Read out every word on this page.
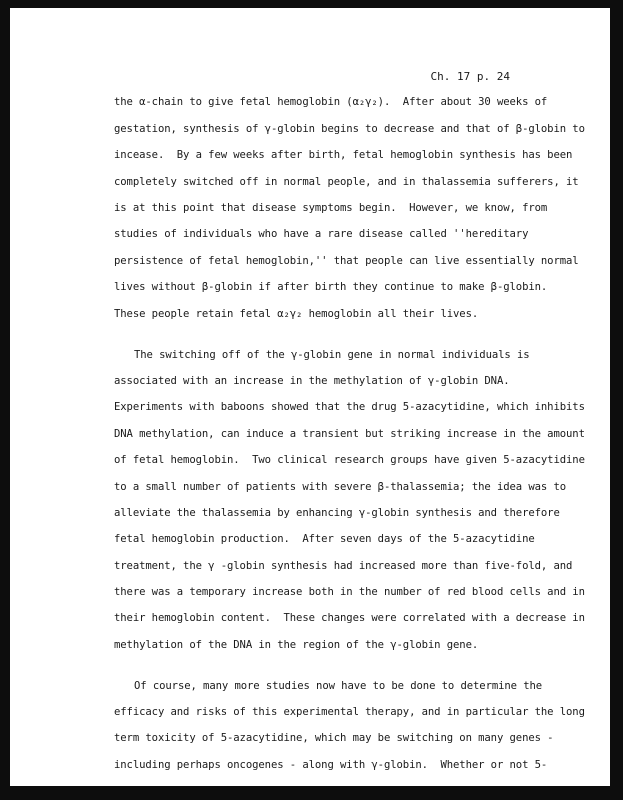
Ch. 17 p. 24
the α-chain to give fetal hemoglobin (α₂γ₂).  After about 30 weeks of
gestation, synthesis of γ-globin begins to decrease and that of β-globin to
incease.  By a few weeks after birth, fetal hemoglobin synthesis has been
completely switched off in normal people, and in thalassemia sufferers, it
is at this point that disease symptoms begin.  However, we know, from
studies of individuals who have a rare disease called ''hereditary
persistence of fetal hemoglobin,'' that people can live essentially normal
lives without β-globin if after birth they continue to make β-globin.
These people retain fetal α₂γ₂ hemoglobin all their lives.
The switching off of the γ-globin gene in normal individuals is
associated with an increase in the methylation of γ-globin DNA.
Experiments with baboons showed that the drug 5-azacytidine, which inhibits
DNA methylation, can induce a transient but striking increase in the amount
of fetal hemoglobin.  Two clinical research groups have given 5-azacytidine
to a small number of patients with severe β-thalassemia; the idea was to
alleviate the thalassemia by enhancing γ-globin synthesis and therefore
fetal hemoglobin production.  After seven days of the 5-azacytidine
treatment, the γ -globin synthesis had increased more than five-fold, and
there was a temporary increase both in the number of red blood cells and in
their hemoglobin content.  These changes were correlated with a decrease in
methylation of the DNA in the region of the γ-globin gene.
Of course, many more studies now have to be done to determine the
efficacy and risks of this experimental therapy, and in particular the long
term toxicity of 5-azacytidine, which may be switching on many genes -
including perhaps oncogenes - along with γ-globin.  Whether or not 5-
